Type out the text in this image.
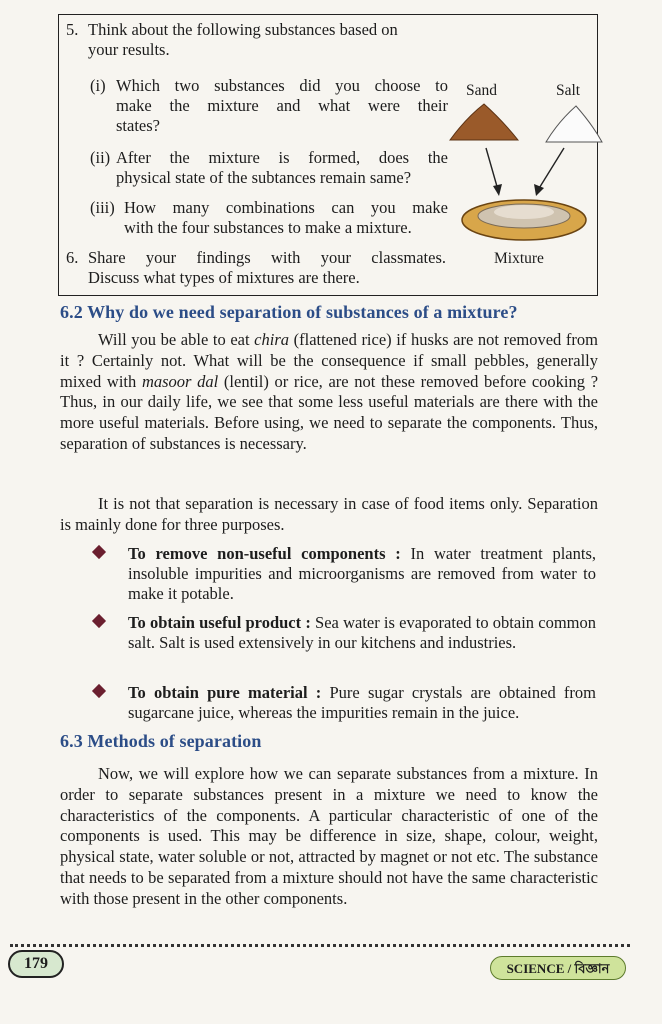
5. Think about the following substances based on

your results.

(i) Which two substances did you choose to

make the mixture and what were their

states?

(ii) After the mixture is formed, does the

physical state of the subtances remain same?

(iii) How many combinations can you make

with the four substances to make a mixture.

6. Share your findings with your classmates.

Discuss what types of mixtures are there.

Sand	Salt
Mixture
6.2 Why do we need separation of substances of a mixture?
Will you be able to eat chira (flattened rice) if husks are not removed from it ? Certainly not. What will be the consequence if small pebbles, generally mixed with masoor dal (lentil) or rice, are not these removed before cooking ? Thus, in our daily life, we see that some less useful materials are there with the more useful materials. Before using, we need to separate the components. Thus, separation of substances is necessary.
It is not that separation is necessary in case of food items only. Separation is mainly done for three purposes.
To remove non-useful components : In water treatment plants, insoluble impurities and microorganisms are removed from water to make it potable.
To obtain useful product : Sea water is evaporated to obtain common salt. Salt is used extensively in our kitchens and industries.
To obtain pure material : Pure sugar crystals are obtained from sugarcane juice, whereas the impurities remain in the juice.
6.3 Methods of separation
Now, we will explore how we can separate substances from a mixture. In order to separate substances present in a mixture we need to know the characteristics of the components. A particular characteristic of one of the components is used. This may be difference in size, shape, colour, weight, physical state, water soluble or not, attracted by magnet or not etc. The substance that needs to be separated from a mixture should not have the same characteristic with those present in the other components.
179	SCIENCE / বিজ্ঞান
